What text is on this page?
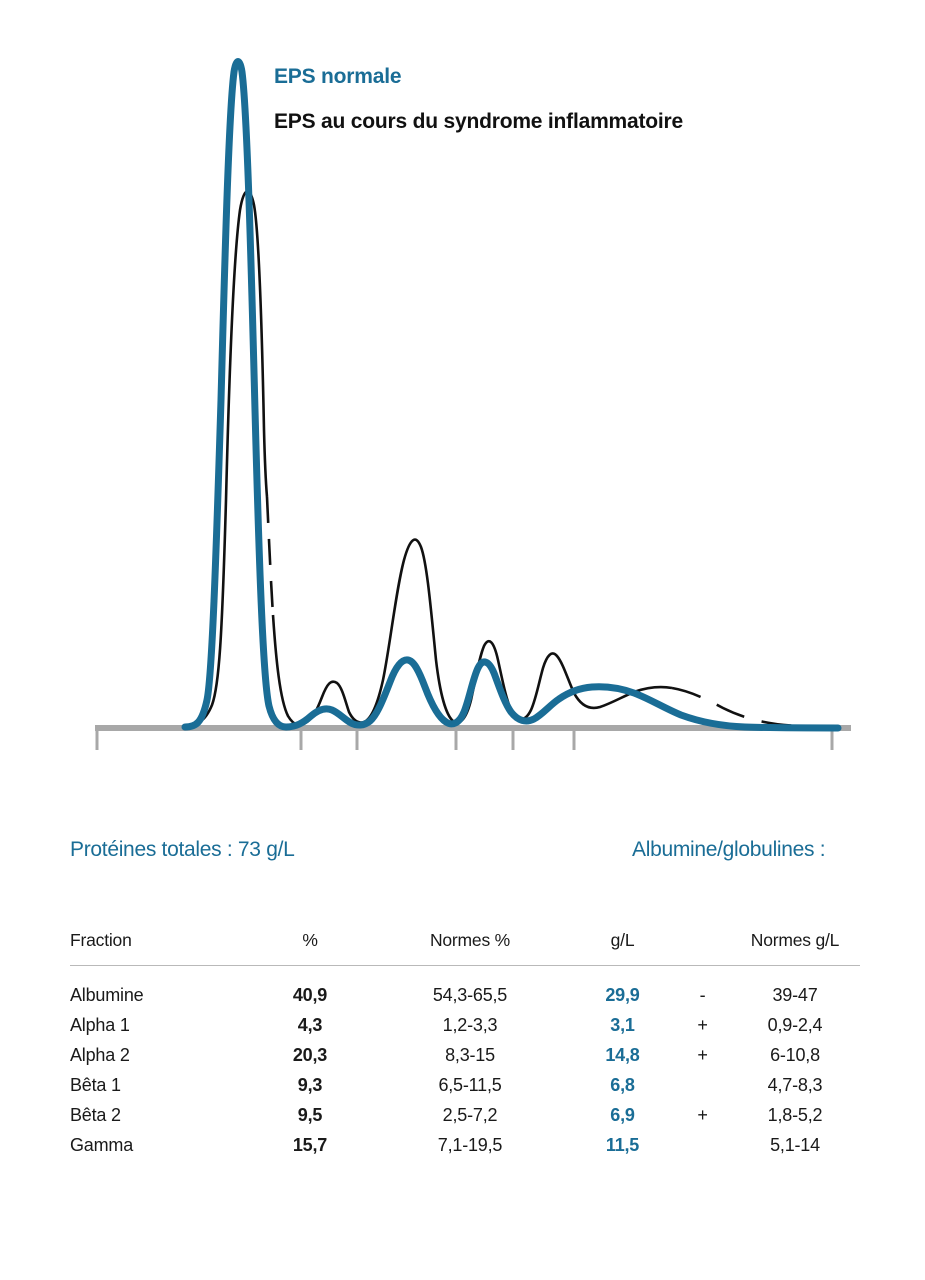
EPS normale
EPS au cours du syndrome inflammatoire
Protéines totales : 73 g/L	Albumine/globulines :
Fraction	%	Normes %	g/L		Normes g/L
Albumine	40,9	54,3-65,5	29,9	-	39-47
Alpha 1	4,3	1,2-3,3	3,1	+	0,9-2,4
Alpha 2	20,3	8,3-15	14,8	+	6-10,8
Bêta 1	9,3	6,5-11,5	6,8		4,7-8,3
Bêta 2	9,5	2,5-7,2	6,9	+	1,8-5,2
Gamma	15,7	7,1-19,5	11,5		5,1-14
